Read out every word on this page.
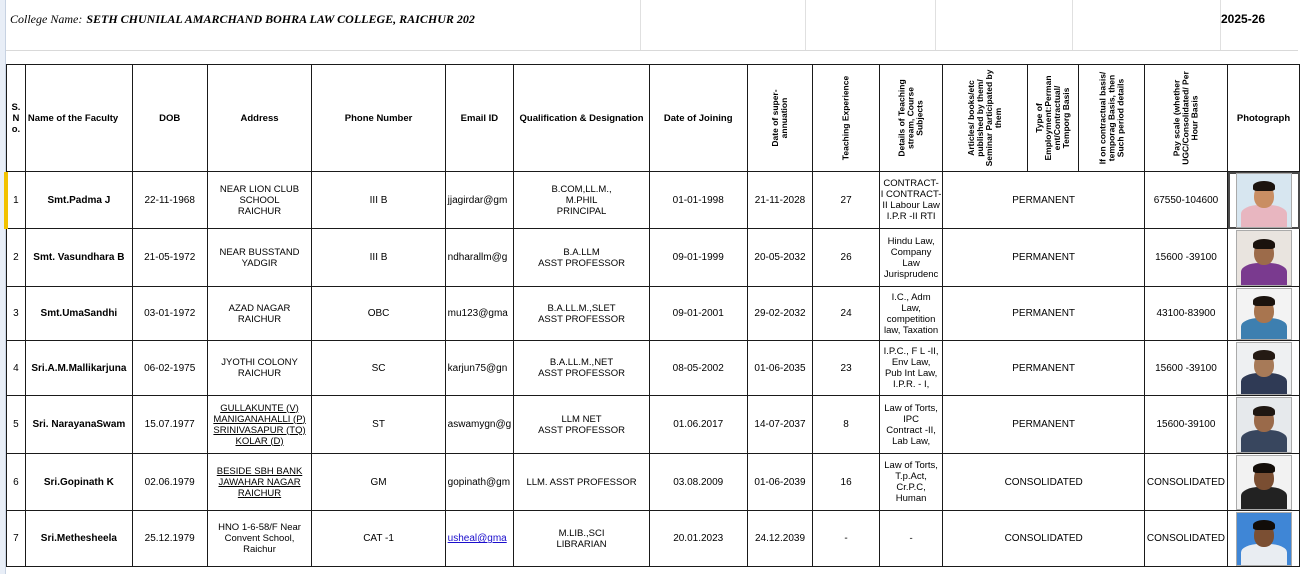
College Name: SETH CHUNILAL AMARCHAND BOHRA LAW COLLEGE, RAICHUR 202	2025-26
S. N o.	Name of the Faculty	DOB	Address	Phone Number	Email ID	Qualification & Designation	Date of Joining	Date of super- annuation	Teaching Experience	Details of Teaching stream, Course Subjects	Articles/ books/etc published by them/ Seminar Participated by them	Type of Employment:Perman ent/Contractual/ Temporg Basis	If on contractual basis/ temporag Basis, then Such period details	Pay scale (whether UGC/Consolidated/ Per Hour Basis	Photograph
1	Smt.Padma J	22-11-1968	NEAR LION CLUB
SCHOOL
RAICHUR	III B	jjagirdar@gm	B.COM,LL.M.,
M.PHIL
PRINCIPAL	01-01-1998	21-11-2028	27	CONTRACT-
I CONTRACT-
II Labour Law
I.P.R -II RTI	PERMANENT			67550-104600	

2	Smt. Vasundhara B	21-05-1972	NEAR BUSSTAND
YADGIR	III B	ndharallm@g	B.A.LLM
ASST PROFESSOR	09-01-1999	20-05-2032	26	Hindu Law,
Company
Law
Jurisprudenc	PERMANENT			15600 -39100	

3	Smt.UmaSandhi	03-01-1972	AZAD NAGAR
RAICHUR	OBC	mu123@gma	B.A.LL.M.,SLET
ASST PROFESSOR	09-01-2001	29-02-2032	24	I.C., Adm
Law,
competition
law, Taxation	PERMANENT			43100-83900	

4	Sri.A.M.Mallikarjuna	06-02-1975	JYOTHI COLONY
RAICHUR	SC	karjun75@gn	B.A.LL.M.,NET
ASST PROFESSOR	08-05-2002	01-06-2035	23	I.P.C., F L -II,
Env Law,
Pub Int Law,
I.P.R. - I,	PERMANENT			15600 -39100	

5	Sri. NarayanaSwam	15.07.1977	GULLAKUNTE (V)
MANIGANAHALLI (P)
SRINIVASAPUR (TQ)
KOLAR (D)	ST	aswamygn@g	LLM NET
ASST PROFESSOR	01.06.2017	14-07-2037	8	Law of Torts,
IPC
Contract -II,
Lab Law,	PERMANENT			15600-39100	

6	Sri.Gopinath K	02.06.1979	BESIDE SBH BANK
JAWAHAR NAGAR
RAICHUR	GM	gopinath@gm	LLM. ASST PROFESSOR	03.08.2009	01-06-2039	16	Law of Torts,
T.p.Act,
Cr.P.C,
Human	CONSOLIDATED			CONSOLIDATED	

7	Sri.Methesheela	25.12.1979	HNO 1-6-58/F Near
Convent School,
Raichur	CAT -1	usheal@gma	M.LIB.,SCI
LIBRARIAN	20.01.2023	24.12.2039	-	-	CONSOLIDATED			CONSOLIDATED	
